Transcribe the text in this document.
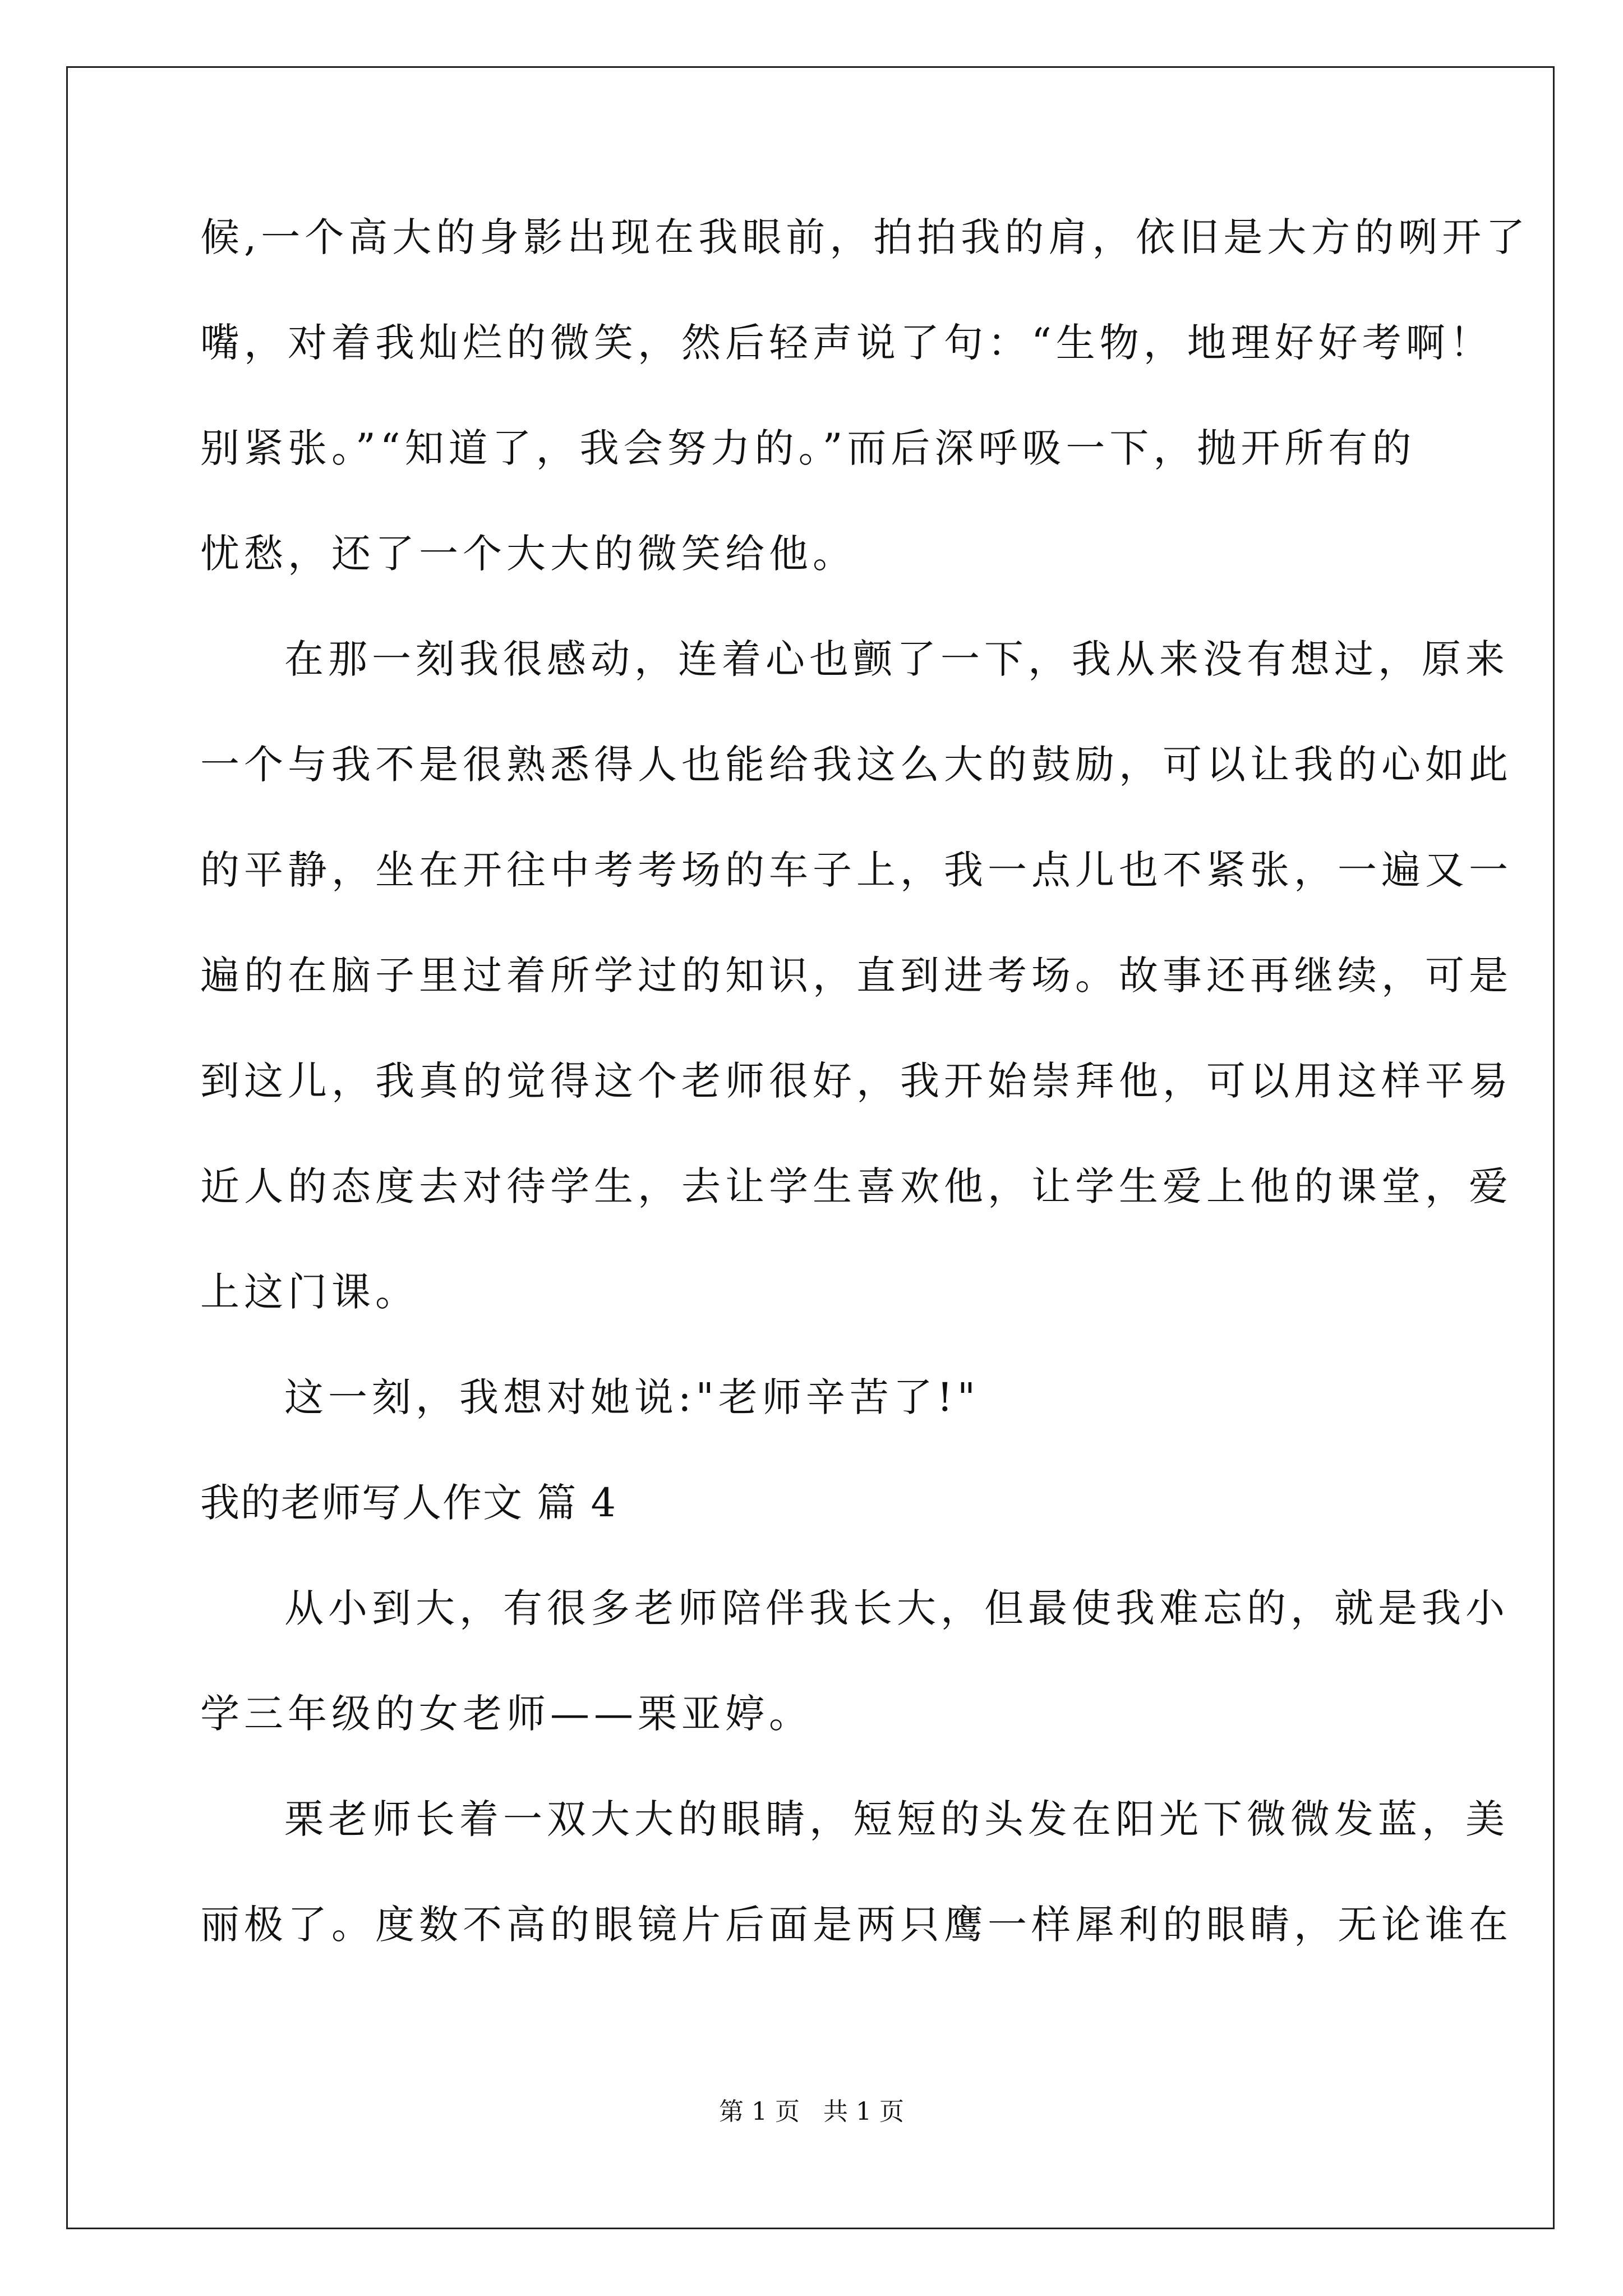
候,一个高大的身影出现在我眼前，拍拍我的肩，依旧是大方的咧开了
嘴，对着我灿烂的微笑，然后轻声说了句：“生物，地理好好考啊！
别紧张。”“知道了，我会努力的。”而后深呼吸一下，抛开所有的
忧愁，还了一个大大的微笑给他。
在那一刻我很感动，连着心也颤了一下，我从来没有想过，原来
一个与我不是很熟悉得人也能给我这么大的鼓励，可以让我的心如此
的平静，坐在开往中考考场的车子上，我一点儿也不紧张，一遍又一
遍的在脑子里过着所学过的知识，直到进考场。故事还再继续，可是
到这儿，我真的觉得这个老师很好，我开始崇拜他，可以用这样平易
近人的态度去对待学生，去让学生喜欢他，让学生爱上他的课堂，爱
上这门课。
这一刻，我想对她说:"老师辛苦了!"
我的老师写人作文 篇 4
从小到大，有很多老师陪伴我长大，但最使我难忘的，就是我小
学三年级的女老师——栗亚婷。
栗老师长着一双大大的眼睛，短短的头发在阳光下微微发蓝，美
丽极了。度数不高的眼镜片后面是两只鹰一样犀利的眼睛，无论谁在
第 1 页 共 1 页
